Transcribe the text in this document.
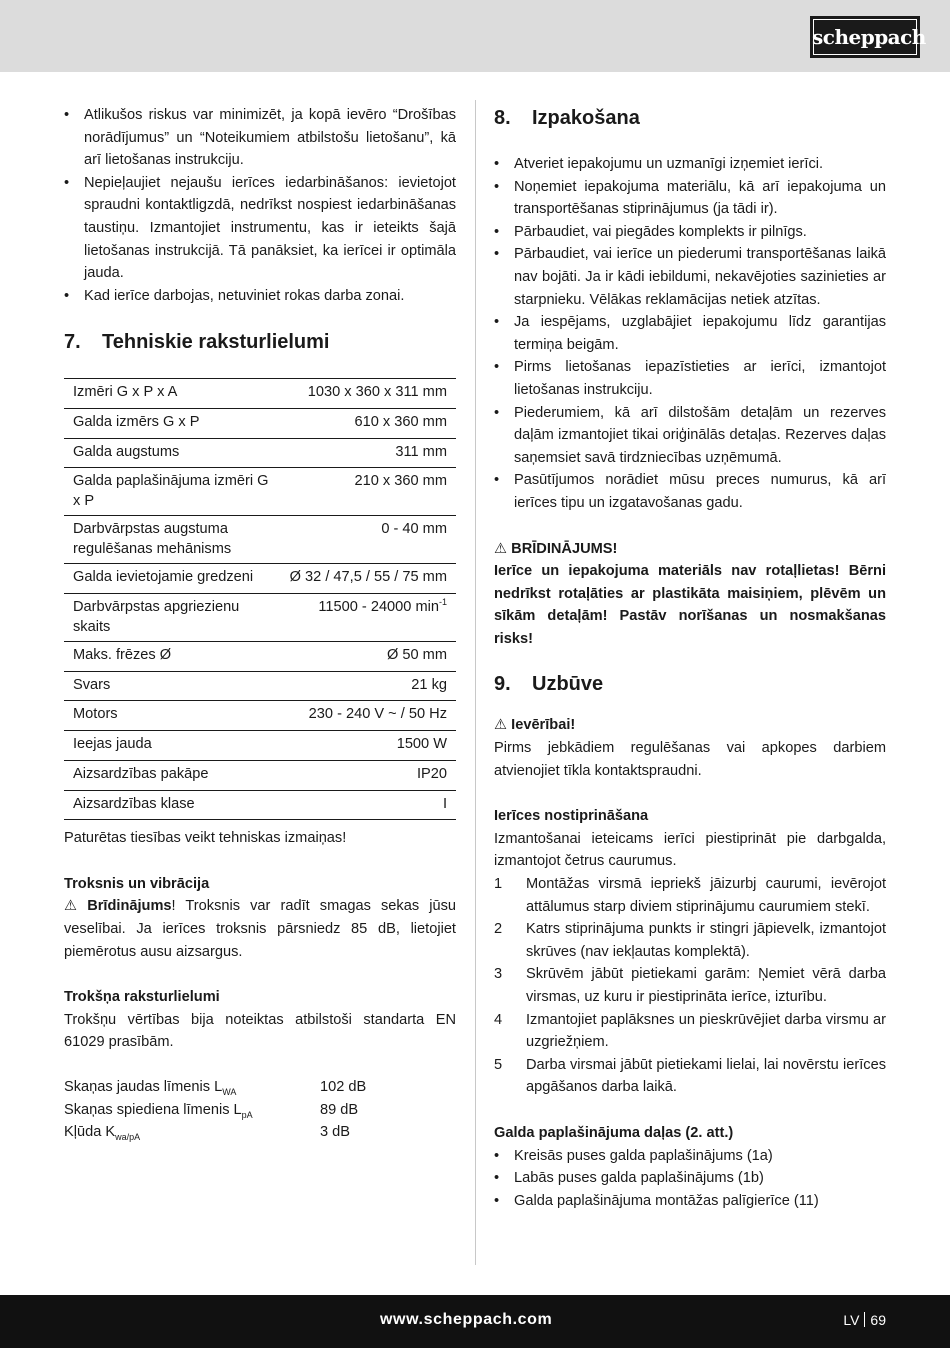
scheppach
• Atlikušos riskus var minimizēt, ja kopā ievēro “Drošības norādījumus” un “Noteikumiem atbilstošu lietošanu”, kā arī lietošanas instrukciju.
• Nepieļaujiet nejaušu ierīces iedarbināšanos: ievietojot spraudni kontaktligzdā, nedrīkst nospiest iedarbināšanas taustiņu. Izmantojiet instrumentu, kas ir ieteikts šajā lietošanas instrukcijā. Tā panāksiet, ka ierīcei ir optimāla jauda.
• Kad ierīce darbojas, netuviniet rokas darba zonai.
7.	Tehniskie raksturlielumi
Izmēri G x P x A	1030 x 360 x 311 mm
Galda izmērs G x P	610 x 360 mm
Galda augstums	311 mm
Galda paplašinājuma izmēri G x P	210 x 360 mm
Darbvārpstas augstuma regulēšanas mehānisms	0 - 40 mm
Galda ievietojamie gredzeni	Ø 32 / 47,5 / 55 / 75 mm
Darbvārpstas apgriezienu skaits	11500 - 24000 $\min^{-1}$
Maks. frēzes Ø	Ø 50 mm
Svars	21 kg
Motors	230 - 240 V ~ / 50 Hz
Ieejas jauda	1500 W
Aizsardzības pakāpe	IP20
Aizsardzības klase	I

Paturētas tiesības veikt tehniskas izmaiņas!

Troksnis un vibrācija

⚠ Brīdinājums! Troksnis var radīt smagas sekas jūsu veselībai. Ja ierīces troksnis pārsniedz 85 dB, lietojiet piemērotus ausu aizsargus.

Trokšņa raksturlielumi

Trokšņu vērtības bija noteiktas atbilstoši standarta EN 61029 prasībām.

Skaņas jaudas līmenis $L_{WA}$	102 dB
Skaņas spiediena līmenis $L_{pA}$	89 dB
Kļūda $K_{wa/pA}$	3 dB
8.	Izpakošana
• Atveriet iepakojumu un uzmanīgi izņemiet ierīci.
• Noņemiet iepakojuma materiālu, kā arī iepakojuma un transportēšanas stiprinājumus (ja tādi ir).
• Pārbaudiet, vai piegādes komplekts ir pilnīgs.
• Pārbaudiet, vai ierīce un piederumi transportēšanas laikā nav bojāti. Ja ir kādi iebildumi, nekavējoties sazinieties ar starpnieku. Vēlākas reklamācijas netiek atzītas.
• Ja iespējams, uzglabājiet iepakojumu līdz garantijas termiņa beigām.
• Pirms lietošanas iepazīstieties ar ierīci, izmantojot lietošanas instrukciju.
• Piederumiem, kā arī dilstošām detaļām un rezerves daļām izmantojiet tikai oriģinālās detaļas. Rezerves daļas saņemsiet savā tirdzniecības uzņēmumā.
• Pasūtījumos norādiet mūsu preces numurus, kā arī ierīces tipu un izgatavošanas gadu.

⚠ BRĪDINĀJUMS!

Ierīce un iepakojuma materiāls nav rotaļlietas! Bērni nedrīkst rotaļāties ar plastikāta maisiņiem, plēvēm un sīkām detaļām! Pastāv norīšanas un nosmakšanas risks!

9.	Uzbūve

⚠ Ievērībai!

Pirms jebkādiem regulēšanas vai apkopes darbiem atvienojiet tīkla kontaktspraudni.

Ierīces nostiprināšana

Izmantošanai ieteicams ierīci piestiprināt pie darbgalda, izmantojot četrus caurumus.

1 Montāžas virsmā iepriekš jāizurbj caurumi, ievērojot attālumus starp diviem stiprinājumu caurumiem stekī.
2 Katrs stiprinājuma punkts ir stingri jāpievelk, izmantojot skrūves (nav iekļautas komplektā).
3 Skrūvēm jābūt pietiekami garām: Ņemiet vērā darba virsmas, uz kuru ir piestiprināta ierīce, izturību.
4 Izmantojiet paplāksnes un pieskrūvējiet darba virsmu ar uzgriežņiem.
5 Darba virsmai jābūt pietiekami lielai, lai novērstu ierīces apgāšanos darba laikā.

Galda paplašinājuma daļas (2. att.)

• Kreisās puses galda paplašinājums (1a)
• Labās puses galda paplašinājums (1b)
• Galda paplašinājuma montāžas palīgierīce (11)
www.scheppach.com	LV 69
